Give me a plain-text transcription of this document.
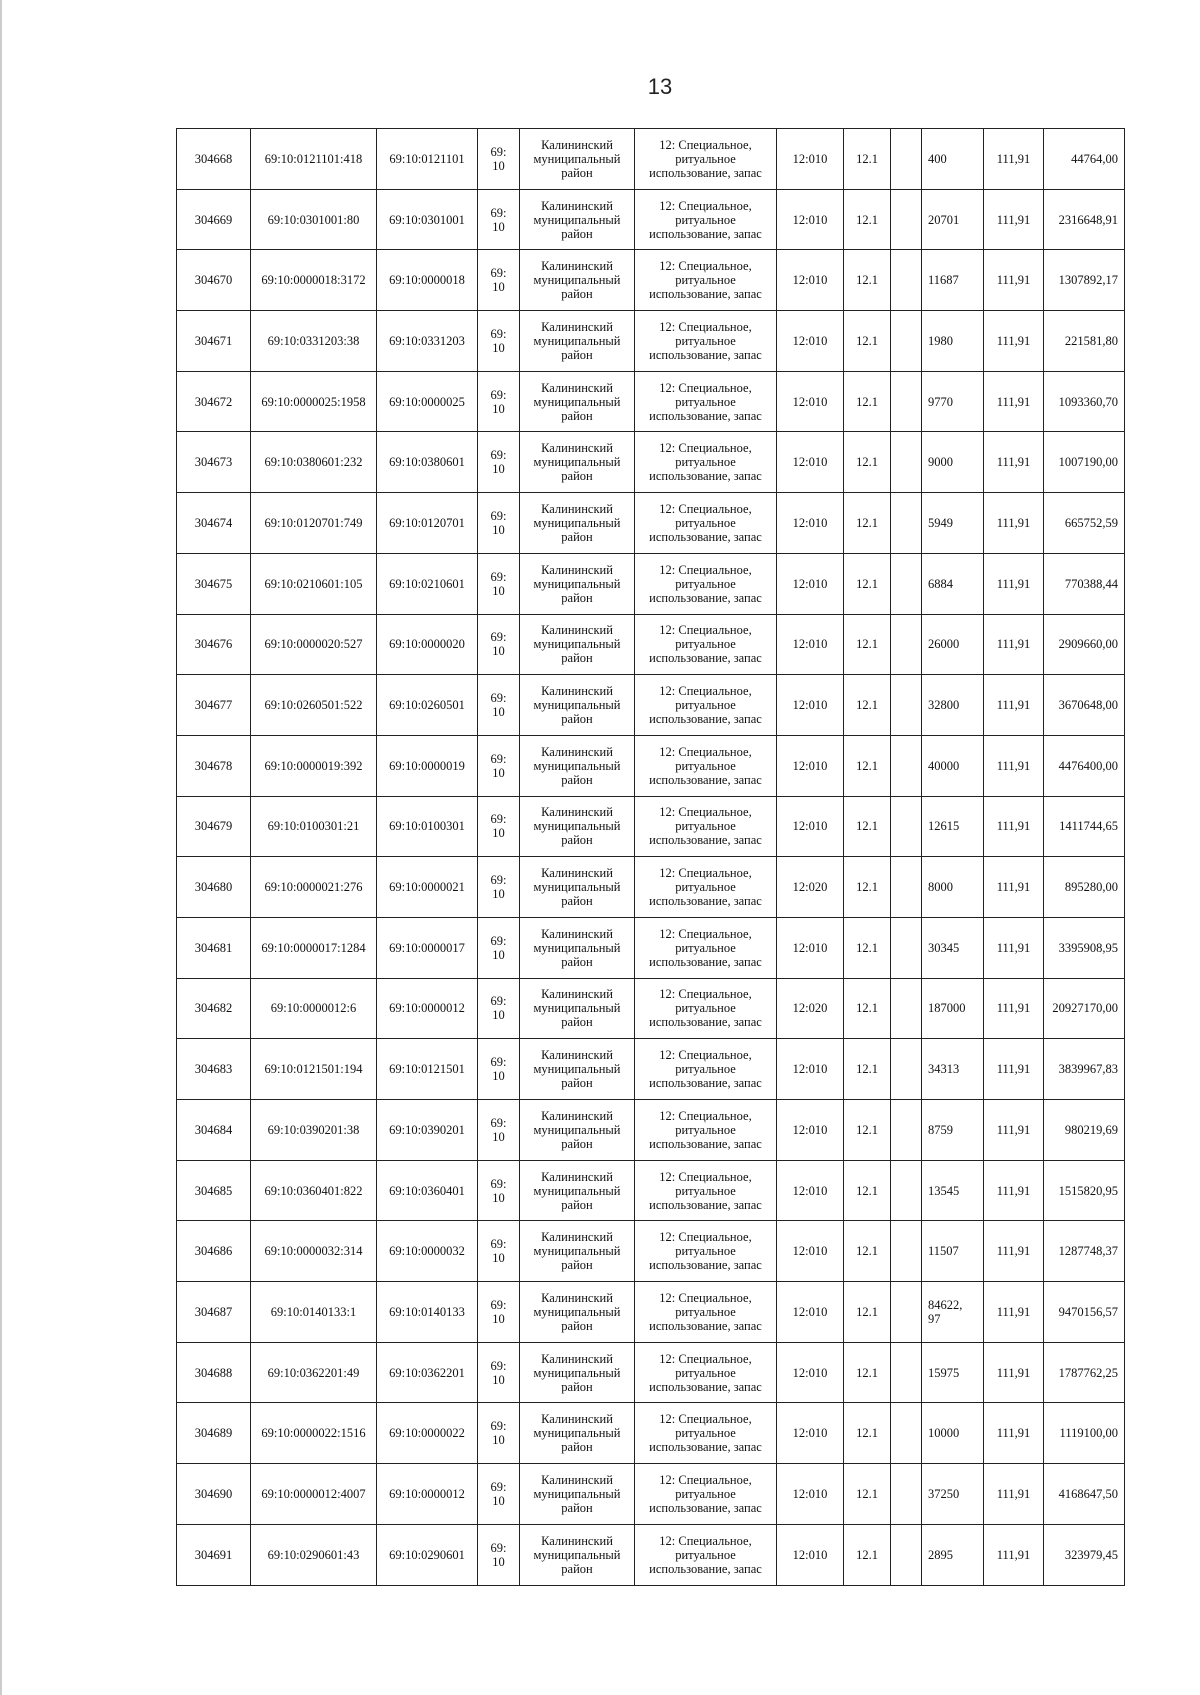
13
304668	69:10:0121101:418	69:10:0121101	69:
10	Калининский
муниципальный
район	12: Специальное,
ритуальное
использование, запас	12:010	12.1		400	111,91	44764,00
304669	69:10:0301001:80	69:10:0301001	69:
10	Калининский
муниципальный
район	12: Специальное,
ритуальное
использование, запас	12:010	12.1		20701	111,91	2316648,91
304670	69:10:0000018:3172	69:10:0000018	69:
10	Калининский
муниципальный
район	12: Специальное,
ритуальное
использование, запас	12:010	12.1		11687	111,91	1307892,17
304671	69:10:0331203:38	69:10:0331203	69:
10	Калининский
муниципальный
район	12: Специальное,
ритуальное
использование, запас	12:010	12.1		1980	111,91	221581,80
304672	69:10:0000025:1958	69:10:0000025	69:
10	Калининский
муниципальный
район	12: Специальное,
ритуальное
использование, запас	12:010	12.1		9770	111,91	1093360,70
304673	69:10:0380601:232	69:10:0380601	69:
10	Калининский
муниципальный
район	12: Специальное,
ритуальное
использование, запас	12:010	12.1		9000	111,91	1007190,00
304674	69:10:0120701:749	69:10:0120701	69:
10	Калининский
муниципальный
район	12: Специальное,
ритуальное
использование, запас	12:010	12.1		5949	111,91	665752,59
304675	69:10:0210601:105	69:10:0210601	69:
10	Калининский
муниципальный
район	12: Специальное,
ритуальное
использование, запас	12:010	12.1		6884	111,91	770388,44
304676	69:10:0000020:527	69:10:0000020	69:
10	Калининский
муниципальный
район	12: Специальное,
ритуальное
использование, запас	12:010	12.1		26000	111,91	2909660,00
304677	69:10:0260501:522	69:10:0260501	69:
10	Калининский
муниципальный
район	12: Специальное,
ритуальное
использование, запас	12:010	12.1		32800	111,91	3670648,00
304678	69:10:0000019:392	69:10:0000019	69:
10	Калининский
муниципальный
район	12: Специальное,
ритуальное
использование, запас	12:010	12.1		40000	111,91	4476400,00
304679	69:10:0100301:21	69:10:0100301	69:
10	Калининский
муниципальный
район	12: Специальное,
ритуальное
использование, запас	12:010	12.1		12615	111,91	1411744,65
304680	69:10:0000021:276	69:10:0000021	69:
10	Калининский
муниципальный
район	12: Специальное,
ритуальное
использование, запас	12:020	12.1		8000	111,91	895280,00
304681	69:10:0000017:1284	69:10:0000017	69:
10	Калининский
муниципальный
район	12: Специальное,
ритуальное
использование, запас	12:010	12.1		30345	111,91	3395908,95
304682	69:10:0000012:6	69:10:0000012	69:
10	Калининский
муниципальный
район	12: Специальное,
ритуальное
использование, запас	12:020	12.1		187000	111,91	20927170,00
304683	69:10:0121501:194	69:10:0121501	69:
10	Калининский
муниципальный
район	12: Специальное,
ритуальное
использование, запас	12:010	12.1		34313	111,91	3839967,83
304684	69:10:0390201:38	69:10:0390201	69:
10	Калининский
муниципальный
район	12: Специальное,
ритуальное
использование, запас	12:010	12.1		8759	111,91	980219,69
304685	69:10:0360401:822	69:10:0360401	69:
10	Калининский
муниципальный
район	12: Специальное,
ритуальное
использование, запас	12:010	12.1		13545	111,91	1515820,95
304686	69:10:0000032:314	69:10:0000032	69:
10	Калининский
муниципальный
район	12: Специальное,
ритуальное
использование, запас	12:010	12.1		11507	111,91	1287748,37
304687	69:10:0140133:1	69:10:0140133	69:
10	Калининский
муниципальный
район	12: Специальное,
ритуальное
использование, запас	12:010	12.1		84622,
97	111,91	9470156,57
304688	69:10:0362201:49	69:10:0362201	69:
10	Калининский
муниципальный
район	12: Специальное,
ритуальное
использование, запас	12:010	12.1		15975	111,91	1787762,25
304689	69:10:0000022:1516	69:10:0000022	69:
10	Калининский
муниципальный
район	12: Специальное,
ритуальное
использование, запас	12:010	12.1		10000	111,91	1119100,00
304690	69:10:0000012:4007	69:10:0000012	69:
10	Калининский
муниципальный
район	12: Специальное,
ритуальное
использование, запас	12:010	12.1		37250	111,91	4168647,50
304691	69:10:0290601:43	69:10:0290601	69:
10	Калининский
муниципальный
район	12: Специальное,
ритуальное
использование, запас	12:010	12.1		2895	111,91	323979,45
